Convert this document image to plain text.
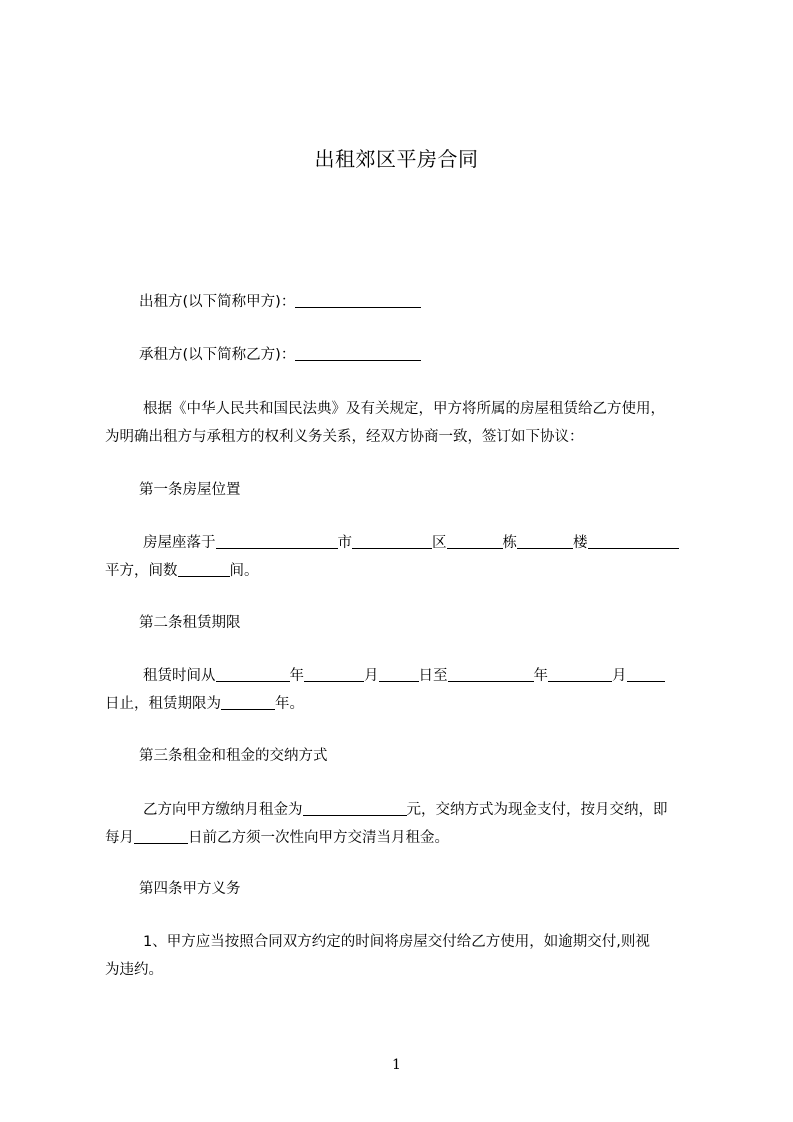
出租郊区平房合同
出租方(以下简称甲方)：
承租方(以下简称乙方)：
根据《中华人民共和国民法典》及有关规定，甲方将所属的房屋租赁给乙方使用，
为明确出租方与承租方的权利义务关系，经双方协商一致，签订如下协议：
第一条房屋位置
房屋座落于	市	区	栋	楼
平方，间数	间。
第二条租赁期限
租赁时间从	年	月	日至	年	月
日止，租赁期限为	年。
第三条租金和租金的交纳方式
乙方向甲方缴纳月租金为	元，交纳方式为现金支付，按月交纳，即
每月	日前乙方须一次性向甲方交清当月租金。
第四条甲方义务
1、甲方应当按照合同双方约定的时间将房屋交付给乙方使用，如逾期交付,则视
为违约。
1
